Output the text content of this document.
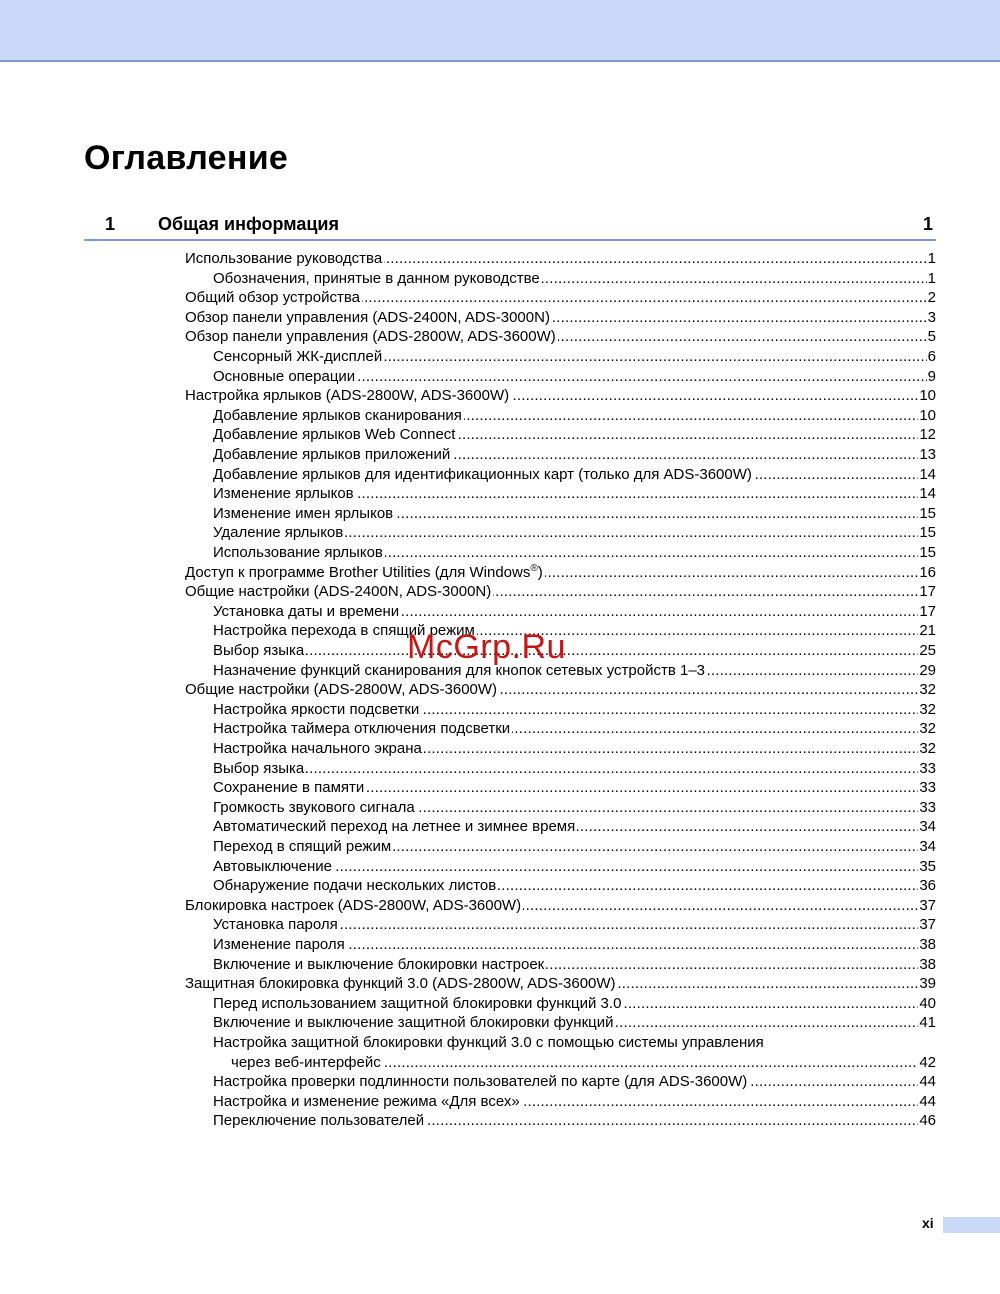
Оглавление
1 Общая информация	1
Использование руководства	1
.....
Обозначения, принятые в данном руководстве	1
.....
Общий обзор устройства	2
.....
Обзор панели управления (ADS-2400N, ADS-3000N)	3
.....
Обзор панели управления (ADS-2800W, ADS-3600W)	5
.....
Сенсорный ЖК-дисплей	6
.....
Основные операции	9
.....
Настройка ярлыков (ADS-2800W, ADS-3600W)	10
.....
Добавление ярлыков сканирования	10
.....
Добавление ярлыков Web Connect	12
.....
Добавление ярлыков приложений	13
.....
Добавление ярлыков для идентификационных карт (только для ADS-3600W)	14
.....
Изменение ярлыков	14
.....
Изменение имен ярлыков	15
.....
Удаление ярлыков	15
.....
Использование ярлыков	15
.....
Доступ к программе Brother Utilities (для Windows®)	16
.....
Общие настройки (ADS-2400N, ADS-3000N)	17
.....
Установка даты и времени	17
.....
Настройка перехода в спящий режим	21
.....
Выбор языка	25
.....
Назначение функций сканирования для кнопок сетевых устройств 1–3	29
.....
Общие настройки (ADS-2800W, ADS-3600W)	32
.....
Настройка яркости подсветки	32
.....
Настройка таймера отключения подсветки	32
.....
Настройка начального экрана	32
.....
Выбор языка	33
.....
Сохранение в памяти	33
.....
Громкость звукового сигнала	33
.....
Автоматический переход на летнее и зимнее время	34
.....
Переход в спящий режим	34
.....
Автовыключение	35
.....
Обнаружение подачи нескольких листов	36
.....
Блокировка настроек (ADS-2800W, ADS-3600W)	37
.....
Установка пароля	37
.....
Изменение пароля	38
.....
Включение и выключение блокировки настроек	38
.....
Защитная блокировка функций 3.0 (ADS-2800W, ADS-3600W)	39
.....
Перед использованием защитной блокировки функций 3.0	40
.....
Включение и выключение защитной блокировки функций	41
.....
Настройка защитной блокировки функций 3.0 с помощью системы управления
через веб-интерфейс	42
.....
Настройка проверки подлинности пользователей по карте (для ADS-3600W)	44
.....
Настройка и изменение режима «Для всех»	44
.....
Переключение пользователей	46
.....
McGrp.Ru
xi
